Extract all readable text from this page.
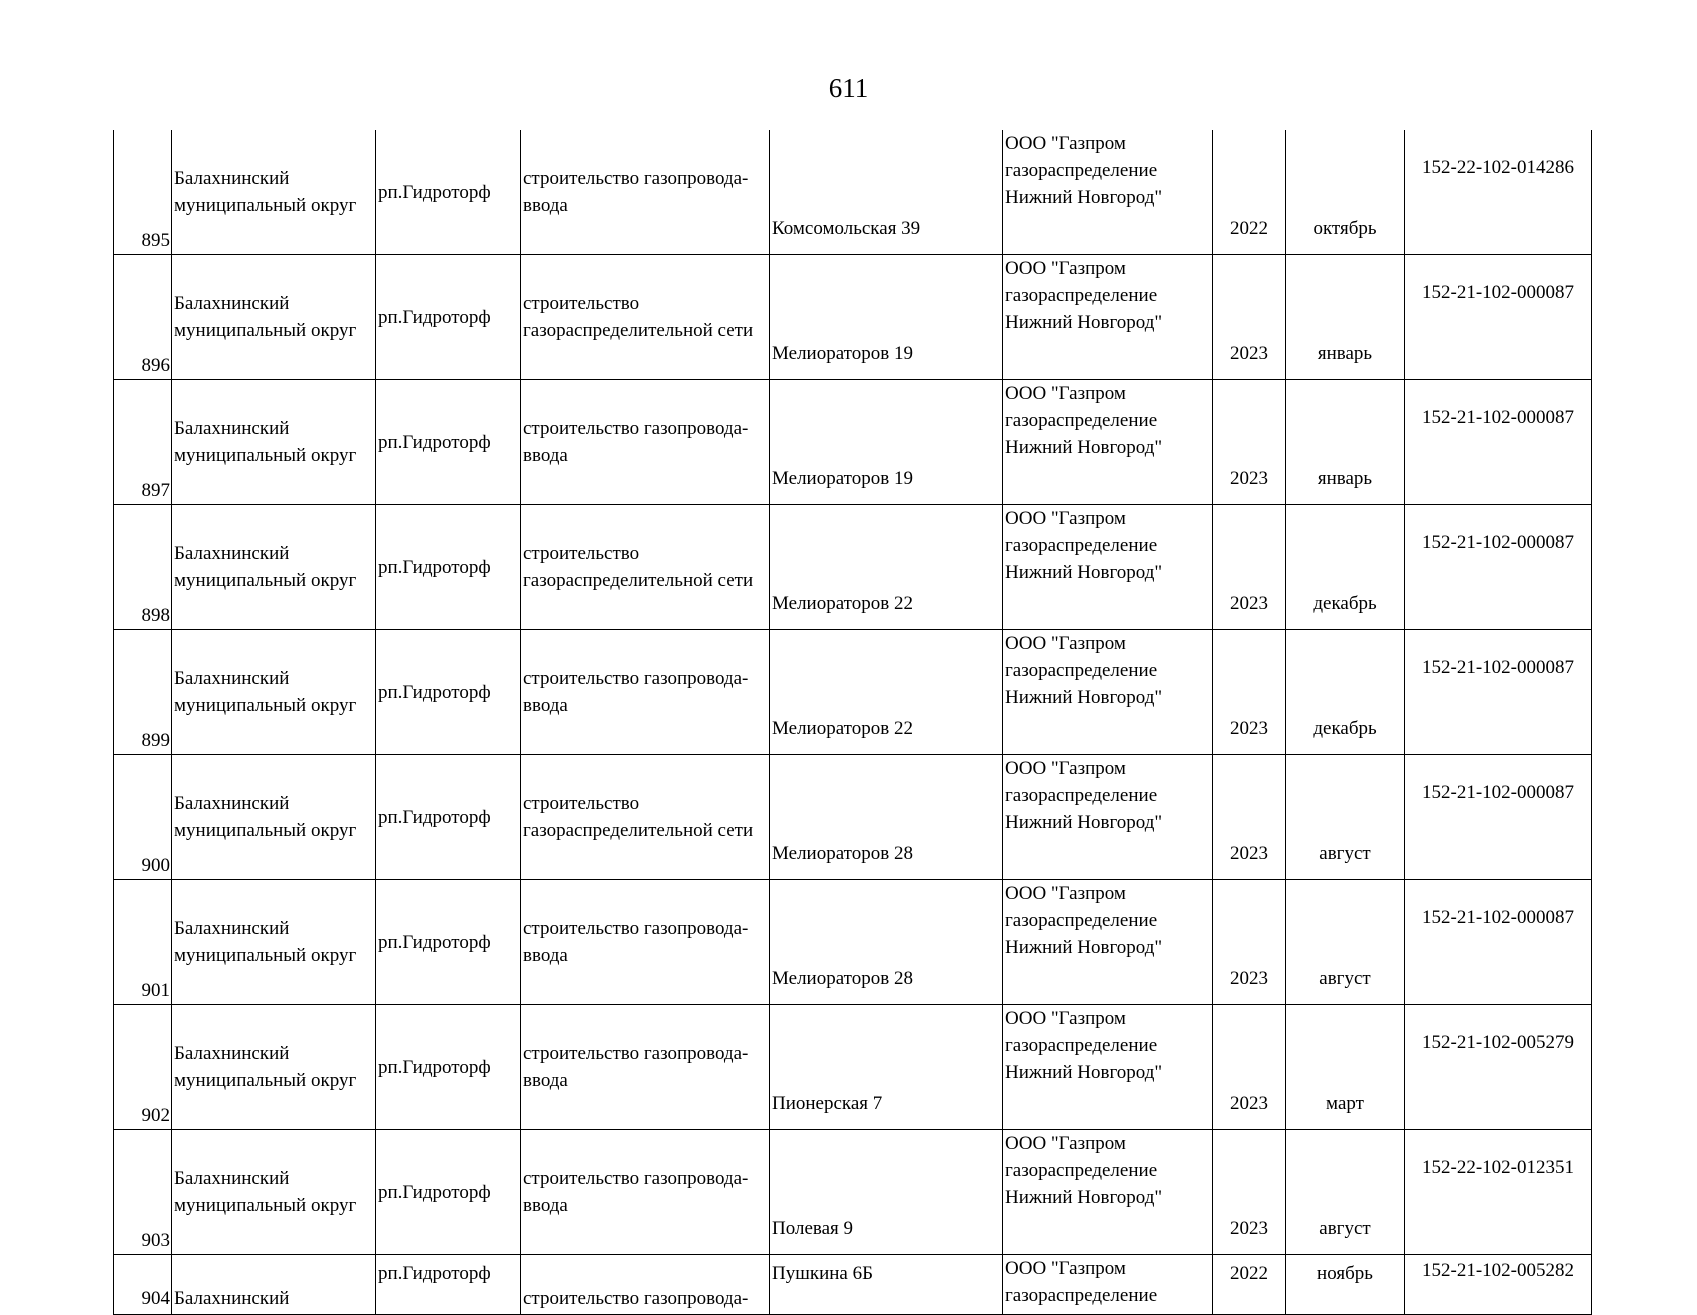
611
895	Балахнинский
муниципальный округ	рп.Гидроторф	строительство газопровода-
ввода	Комсомольская 39	ООО "Газпром
газораспределение
Нижний Новгород"	2022	октябрь	152-22-102-014286
896	Балахнинский
муниципальный округ	рп.Гидроторф	строительство
газораспределительной сети	Мелиораторов 19	ООО "Газпром
газораспределение
Нижний Новгород"	2023	январь	152-21-102-000087
897	Балахнинский
муниципальный округ	рп.Гидроторф	строительство газопровода-
ввода	Мелиораторов 19	ООО "Газпром
газораспределение
Нижний Новгород"	2023	январь	152-21-102-000087
898	Балахнинский
муниципальный округ	рп.Гидроторф	строительство
газораспределительной сети	Мелиораторов 22	ООО "Газпром
газораспределение
Нижний Новгород"	2023	декабрь	152-21-102-000087
899	Балахнинский
муниципальный округ	рп.Гидроторф	строительство газопровода-
ввода	Мелиораторов 22	ООО "Газпром
газораспределение
Нижний Новгород"	2023	декабрь	152-21-102-000087
900	Балахнинский
муниципальный округ	рп.Гидроторф	строительство
газораспределительной сети	Мелиораторов 28	ООО "Газпром
газораспределение
Нижний Новгород"	2023	август	152-21-102-000087
901	Балахнинский
муниципальный округ	рп.Гидроторф	строительство газопровода-
ввода	Мелиораторов 28	ООО "Газпром
газораспределение
Нижний Новгород"	2023	август	152-21-102-000087
902	Балахнинский
муниципальный округ	рп.Гидроторф	строительство газопровода-
ввода	Пионерская 7	ООО "Газпром
газораспределение
Нижний Новгород"	2023	март	152-21-102-005279
903	Балахнинский
муниципальный округ	рп.Гидроторф	строительство газопровода-
ввода	Полевая 9	ООО "Газпром
газораспределение
Нижний Новгород"	2023	август	152-22-102-012351
904	Балахнинский	рп.Гидроторф	строительство газопровода-	Пушкина 6Б	ООО "Газпром
газораспределение	2022	ноябрь	152-21-102-005282
